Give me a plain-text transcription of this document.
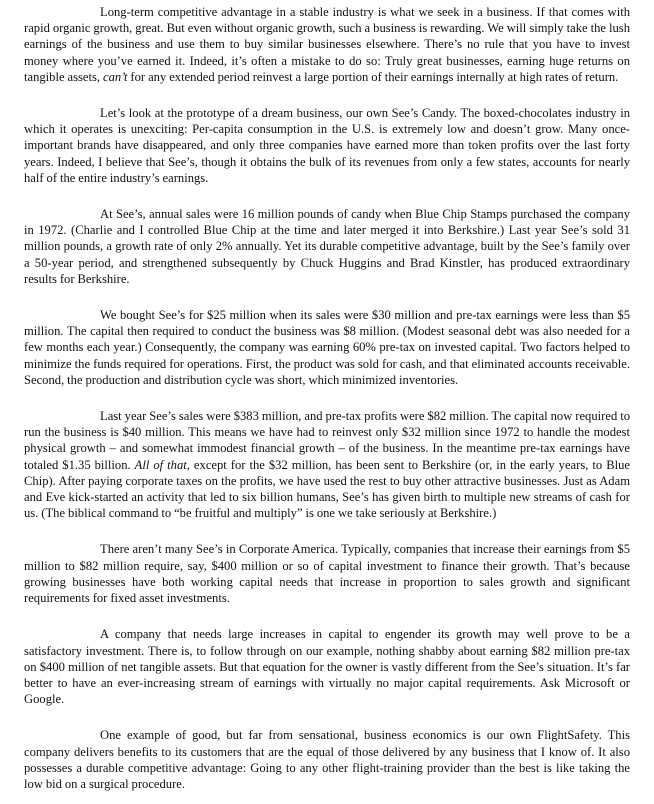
Long-term competitive advantage in a stable industry is what we seek in a business. If that comes with rapid organic growth, great. But even without organic growth, such a business is rewarding. We will simply take the lush earnings of the business and use them to buy similar businesses elsewhere. There’s no rule that you have to invest money where you’ve earned it. Indeed, it’s often a mistake to do so: Truly great businesses, earning huge returns on tangible assets, can’t for any extended period reinvest a large portion of their earnings internally at high rates of return.

Let’s look at the prototype of a dream business, our own See’s Candy. The boxed-chocolates industry in which it operates is unexciting: Per-capita consumption in the U.S. is extremely low and doesn’t grow. Many once-important brands have disappeared, and only three companies have earned more than token profits over the last forty years. Indeed, I believe that See’s, though it obtains the bulk of its revenues from only a few states, accounts for nearly half of the entire industry’s earnings.

At See’s, annual sales were 16 million pounds of candy when Blue Chip Stamps purchased the company in 1972. (Charlie and I controlled Blue Chip at the time and later merged it into Berkshire.) Last year See’s sold 31 million pounds, a growth rate of only 2% annually. Yet its durable competitive advantage, built by the See’s family over a 50-year period, and strengthened subsequently by Chuck Huggins and Brad Kinstler, has produced extraordinary results for Berkshire.

We bought See’s for $25 million when its sales were $30 million and pre-tax earnings were less than $5 million. The capital then required to conduct the business was $8 million. (Modest seasonal debt was also needed for a few months each year.) Consequently, the company was earning 60% pre-tax on invested capital. Two factors helped to minimize the funds required for operations. First, the product was sold for cash, and that eliminated accounts receivable. Second, the production and distribution cycle was short, which minimized inventories.

Last year See’s sales were $383 million, and pre-tax profits were $82 million. The capital now required to run the business is $40 million. This means we have had to reinvest only $32 million since 1972 to handle the modest physical growth – and somewhat immodest financial growth – of the business. In the meantime pre-tax earnings have totaled $1.35 billion. All of that, except for the $32 million, has been sent to Berkshire (or, in the early years, to Blue Chip). After paying corporate taxes on the profits, we have used the rest to buy other attractive businesses. Just as Adam and Eve kick-started an activity that led to six billion humans, See’s has given birth to multiple new streams of cash for us. (The biblical command to “be fruitful and multiply” is one we take seriously at Berkshire.)

There aren’t many See’s in Corporate America. Typically, companies that increase their earnings from $5 million to $82 million require, say, $400 million or so of capital investment to finance their growth. That’s because growing businesses have both working capital needs that increase in proportion to sales growth and significant requirements for fixed asset investments.

A company that needs large increases in capital to engender its growth may well prove to be a satisfactory investment. There is, to follow through on our example, nothing shabby about earning $82 million pre-tax on $400 million of net tangible assets. But that equation for the owner is vastly different from the See’s situation. It’s far better to have an ever-increasing stream of earnings with virtually no major capital requirements. Ask Microsoft or Google.

One example of good, but far from sensational, business economics is our own FlightSafety. This company delivers benefits to its customers that are the equal of those delivered by any business that I know of. It also possesses a durable competitive advantage: Going to any other flight-training provider than the best is like taking the low bid on a surgical procedure.
